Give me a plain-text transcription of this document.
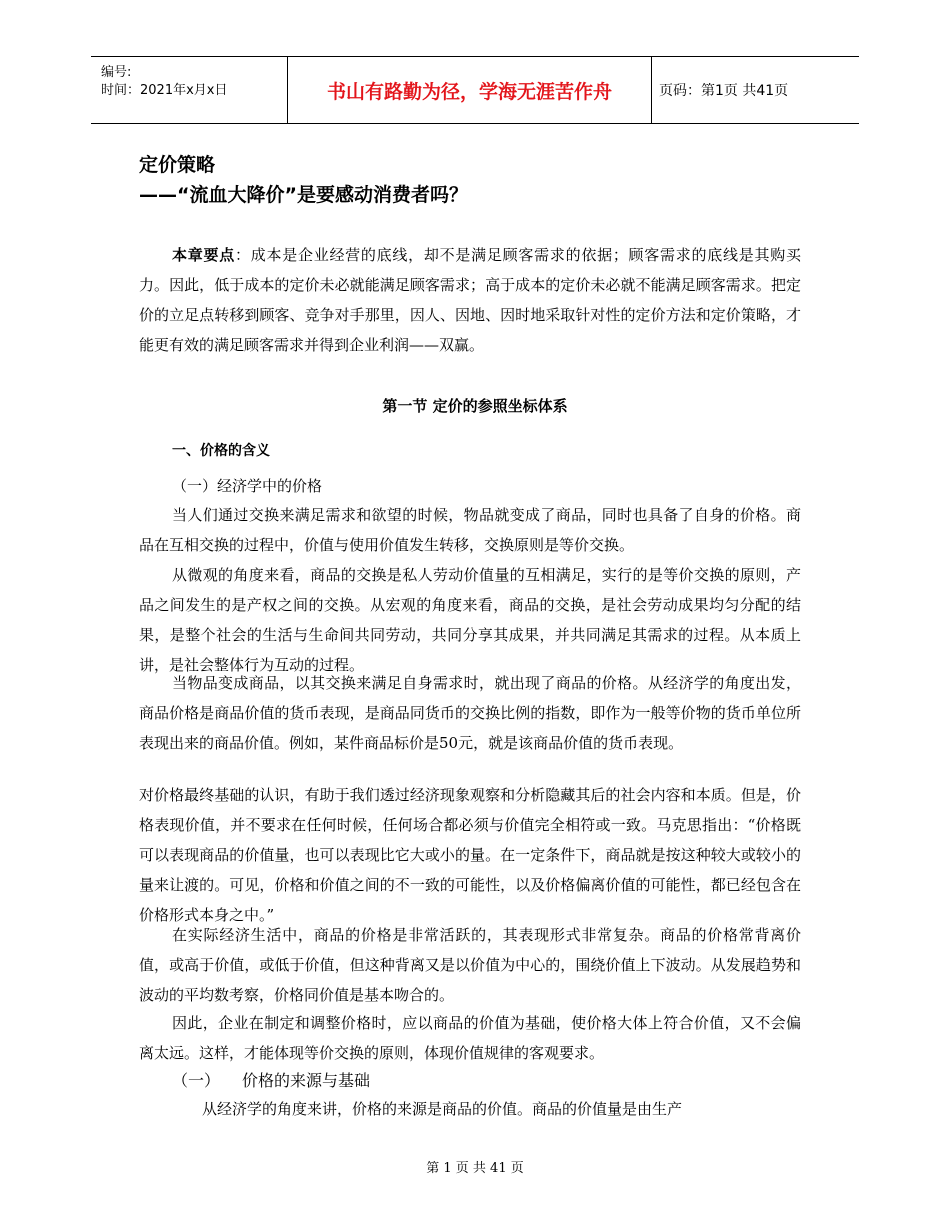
编号:
时间：2021年x月x日	书山有路勤为径，学海无涯苦作舟	页码：第1页 共41页
定价策略
——“流血大降价”是要感动消费者吗？

本章要点：成本是企业经营的底线，却不是满足顾客需求的依据；顾客需求的底线是其购买力。因此，低于成本的定价未必就能满足顾客需求；高于成本的定价未必就不能满足顾客需求。把定价的立足点转移到顾客、竞争对手那里，因人、因地、因时地采取针对性的定价方法和定价策略，才能更有效的满足顾客需求并得到企业利润——双赢。

第一节 定价的参照坐标体系
一、价格的含义
（一）经济学中的价格

当人们通过交换来满足需求和欲望的时候，物品就变成了商品，同时也具备了自身的价格。商品在互相交换的过程中，价值与使用价值发生转移，交换原则是等价交换。

从微观的角度来看，商品的交换是私人劳动价值量的互相满足，实行的是等价交换的原则，产品之间发生的是产权之间的交换。从宏观的角度来看，商品的交换，是社会劳动成果均匀分配的结果，是整个社会的生活与生命间共同劳动，共同分享其成果，并共同满足其需求的过程。从本质上讲，是社会整体行为互动的过程。

当物品变成商品，以其交换来满足自身需求时，就出现了商品的价格。从经济学的角度出发，商品价格是商品价值的货币表现，是商品同货币的交换比例的指数，即作为一般等价物的货币单位所表现出来的商品价值。例如，某件商品标价是50元，就是该商品价值的货币表现。

对价格最终基础的认识，有助于我们透过经济现象观察和分析隐藏其后的社会内容和本质。但是，价格表现价值，并不要求在任何时候，任何场合都必须与价值完全相符或一致。马克思指出：“价格既可以表现商品的价值量，也可以表现比它大或小的量。在一定条件下，商品就是按这种较大或较小的量来让渡的。可见，价格和价值之间的不一致的可能性，以及价格偏离价值的可能性，都已经包含在价格形式本身之中。”

在实际经济生活中，商品的价格是非常活跃的，其表现形式非常复杂。商品的价格常背离价值，或高于价值，或低于价值，但这种背离又是以价值为中心的，围绕价值上下波动。从发展趋势和波动的平均数考察，价格同价值是基本吻合的。

因此，企业在制定和调整价格时，应以商品的价值为基础，使价格大体上符合价值，又不会偏离太远。这样，才能体现等价交换的原则，体现价值规律的客观要求。

（一） 价格的来源与基础
从经济学的角度来讲，价格的来源是商品的价值。商品的价值量是由生产
第 1 页 共 41 页
